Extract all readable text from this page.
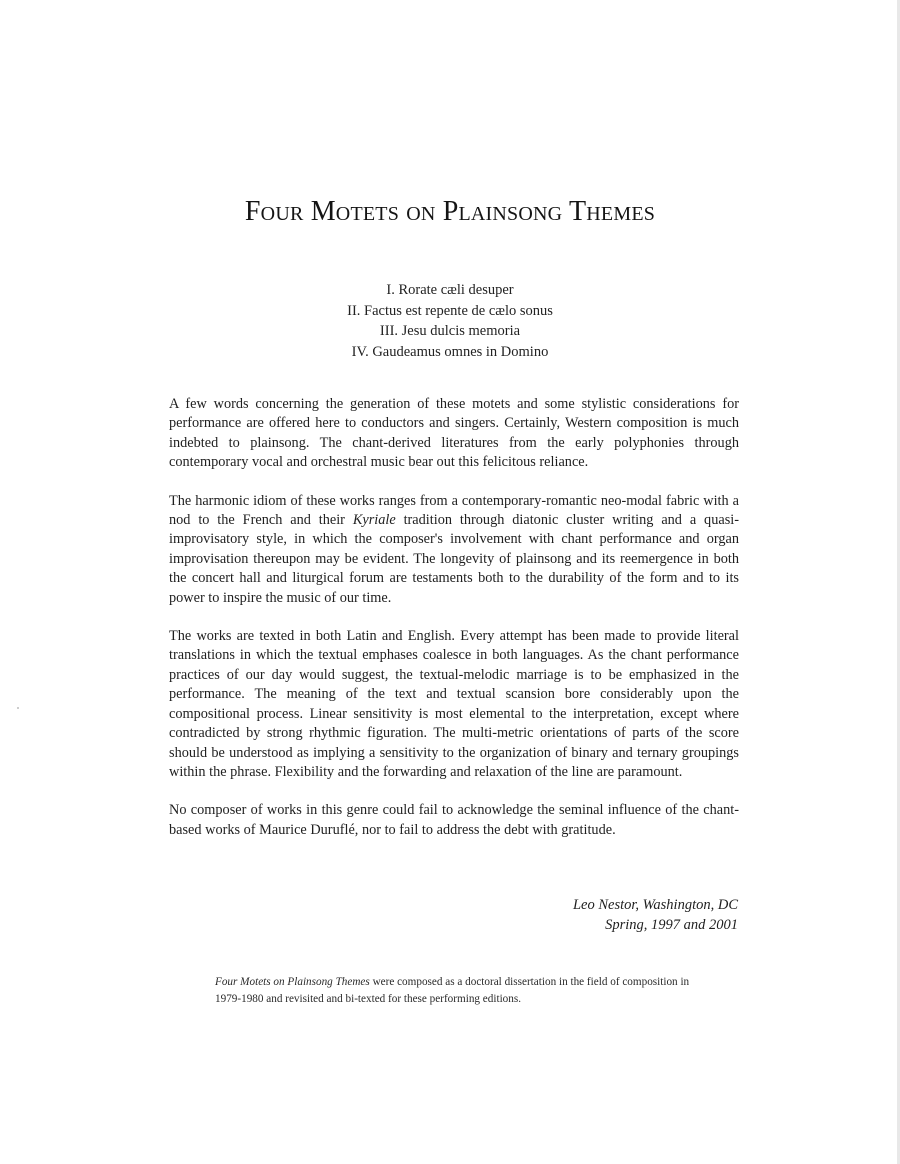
Four Motets on Plainsong Themes
I. Rorate cæli desuper
II. Factus est repente de cælo sonus
III. Jesu dulcis memoria
IV. Gaudeamus omnes in Domino

A few words concerning the generation of these motets and some stylistic considerations for performance are offered here to conductors and singers. Certainly, Western composition is much indebted to plainsong. The chant-derived literatures from the early polyphonies through contemporary vocal and orchestral music bear out this felicitous reliance.

The harmonic idiom of these works ranges from a contemporary-romantic neo-modal fabric with a nod to the French and their Kyriale tradition through diatonic cluster writing and a quasi-improvisatory style, in which the composer's involvement with chant performance and organ improvisation thereupon may be evident. The longevity of plainsong and its reemergence in both the concert hall and liturgical forum are testaments both to the durability of the form and to its power to inspire the music of our time.

The works are texted in both Latin and English. Every attempt has been made to provide literal translations in which the textual emphases coalesce in both languages. As the chant performance practices of our day would suggest, the textual-melodic marriage is to be emphasized in the performance. The meaning of the text and textual scansion bore considerably upon the compositional process. Linear sensitivity is most elemental to the interpretation, except where contradicted by strong rhythmic figuration. The multi-metric orientations of parts of the score should be understood as implying a sensitivity to the organization of binary and ternary groupings within the phrase. Flexibility and the forwarding and relaxation of the line are paramount.

No composer of works in this genre could fail to acknowledge the seminal influence of the chant-based works of Maurice Duruflé, nor to fail to address the debt with gratitude.

Leo Nestor, Washington, DC
Spring, 1997 and 2001
Four Motets on Plainsong Themes were composed as a doctoral dissertation in the field of composition in 1979-1980 and revisited and bi-texted for these performing editions.
